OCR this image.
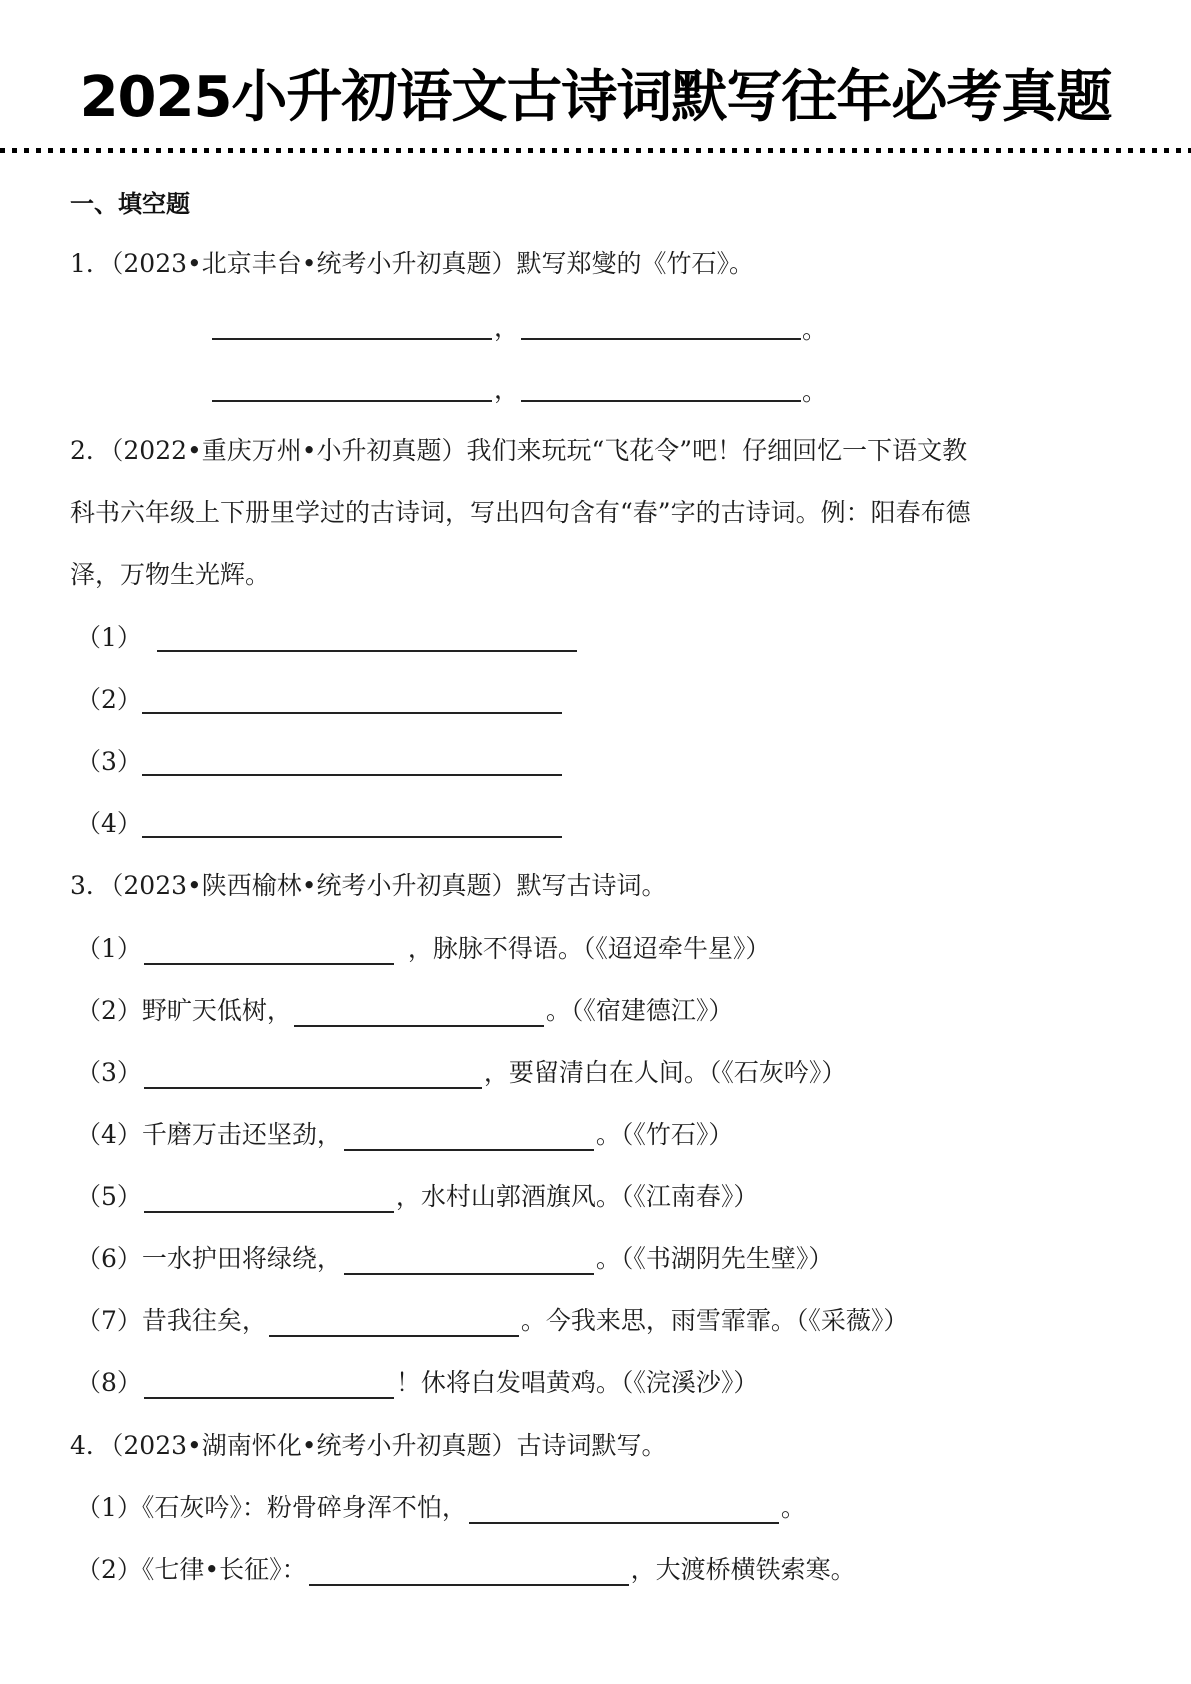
2025小升初语文古诗词默写往年必考真题
一、填空题
1．（2023•北京丰台•统考小升初真题）默写郑燮的《竹石》。
，	。
，	。
2．（2022•重庆万州•小升初真题）我们来玩玩“飞花令”吧！仔细回忆一下语文教
科书六年级上下册里学过的古诗词，写出四句含有“春”字的古诗词。例：阳春布德
泽，万物生光辉。
（1）
（2）
（3）
（4）
3．（2023•陕西榆林•统考小升初真题）默写古诗词。
（1）	，脉脉不得语。（《迢迢牵牛星》）
（2）野旷天低树，	。（《宿建德江》）
（3）	，要留清白在人间。（《石灰吟》）
（4）千磨万击还坚劲，	。（《竹石》）
（5）	，水村山郭酒旗风。（《江南春》）
（6）一水护田将绿绕，	。（《书湖阴先生壁》）
（7）昔我往矣，	。今我来思，雨雪霏霏。（《采薇》）
（8）	！休将白发唱黄鸡。（《浣溪沙》）
4．（2023•湖南怀化•统考小升初真题）古诗词默写。
（1）《石灰吟》：粉骨碎身浑不怕，	。
（2）《七律•长征》：	，大渡桥横铁索寒。
